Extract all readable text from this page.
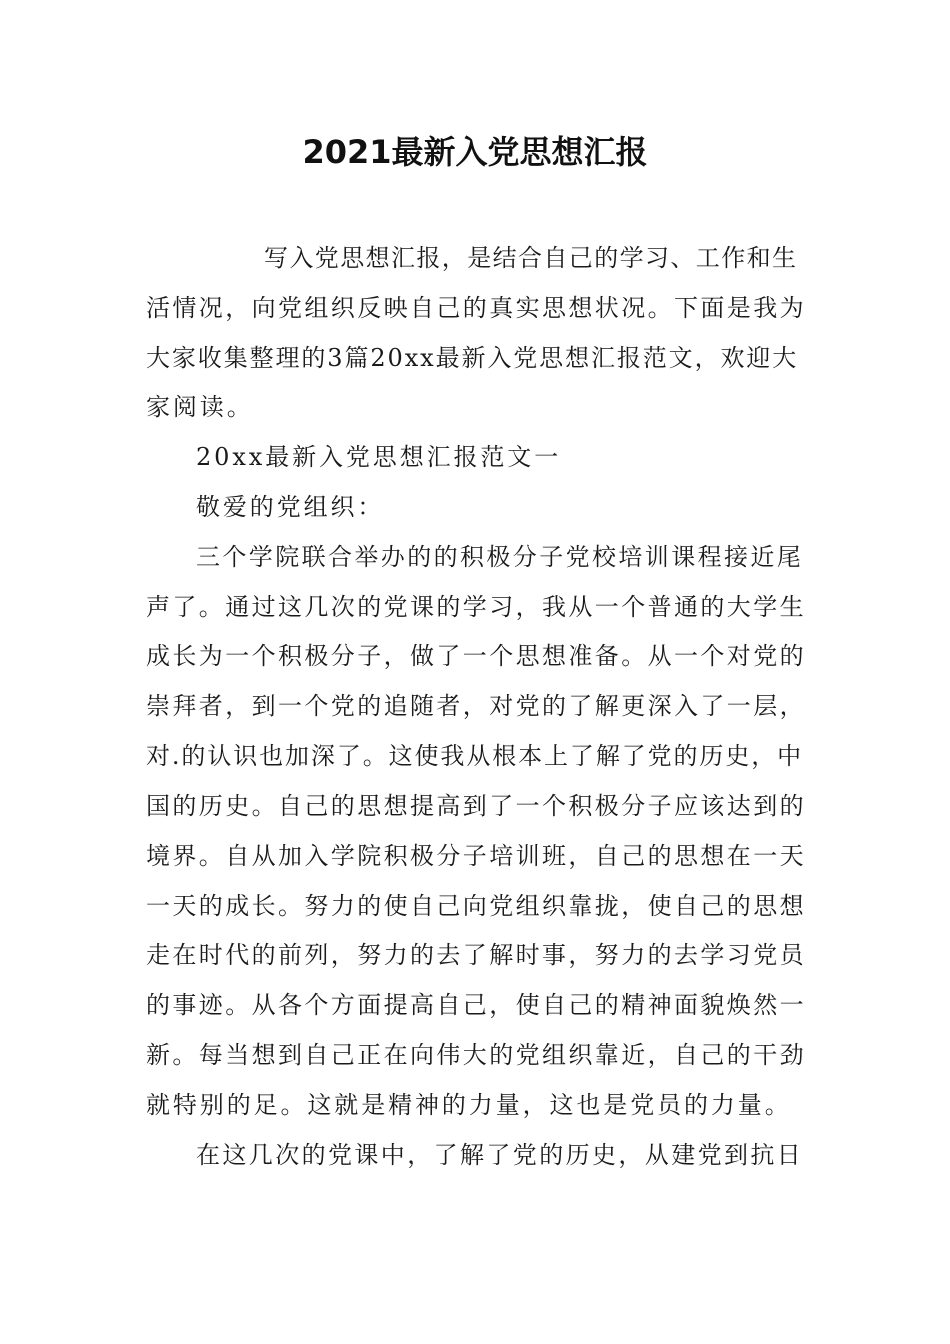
2021最新入党思想汇报

写入党思想汇报，是结合自己的学习、工作和生

活情况，向党组织反映自己的真实思想状况。下面是我为

大家收集整理的3篇20xx最新入党思想汇报范文，欢迎大

家阅读。

20xx最新入党思想汇报范文一

敬爱的党组织：

三个学院联合举办的的积极分子党校培训课程接近尾

声了。通过这几次的党课的学习，我从一个普通的大学生

成长为一个积极分子，做了一个思想准备。从一个对党的

崇拜者，到一个党的追随者，对党的了解更深入了一层，

对.的认识也加深了。这使我从根本上了解了党的历史，中

国的历史。自己的思想提高到了一个积极分子应该达到的

境界。自从加入学院积极分子培训班，自己的思想在一天

一天的成长。努力的使自己向党组织靠拢，使自己的思想

走在时代的前列，努力的去了解时事，努力的去学习党员

的事迹。从各个方面提高自己，使自己的精神面貌焕然一

新。每当想到自己正在向伟大的党组织靠近，自己的干劲

就特别的足。这就是精神的力量，这也是党员的力量。

在这几次的党课中，了解了党的历史，从建党到抗日
